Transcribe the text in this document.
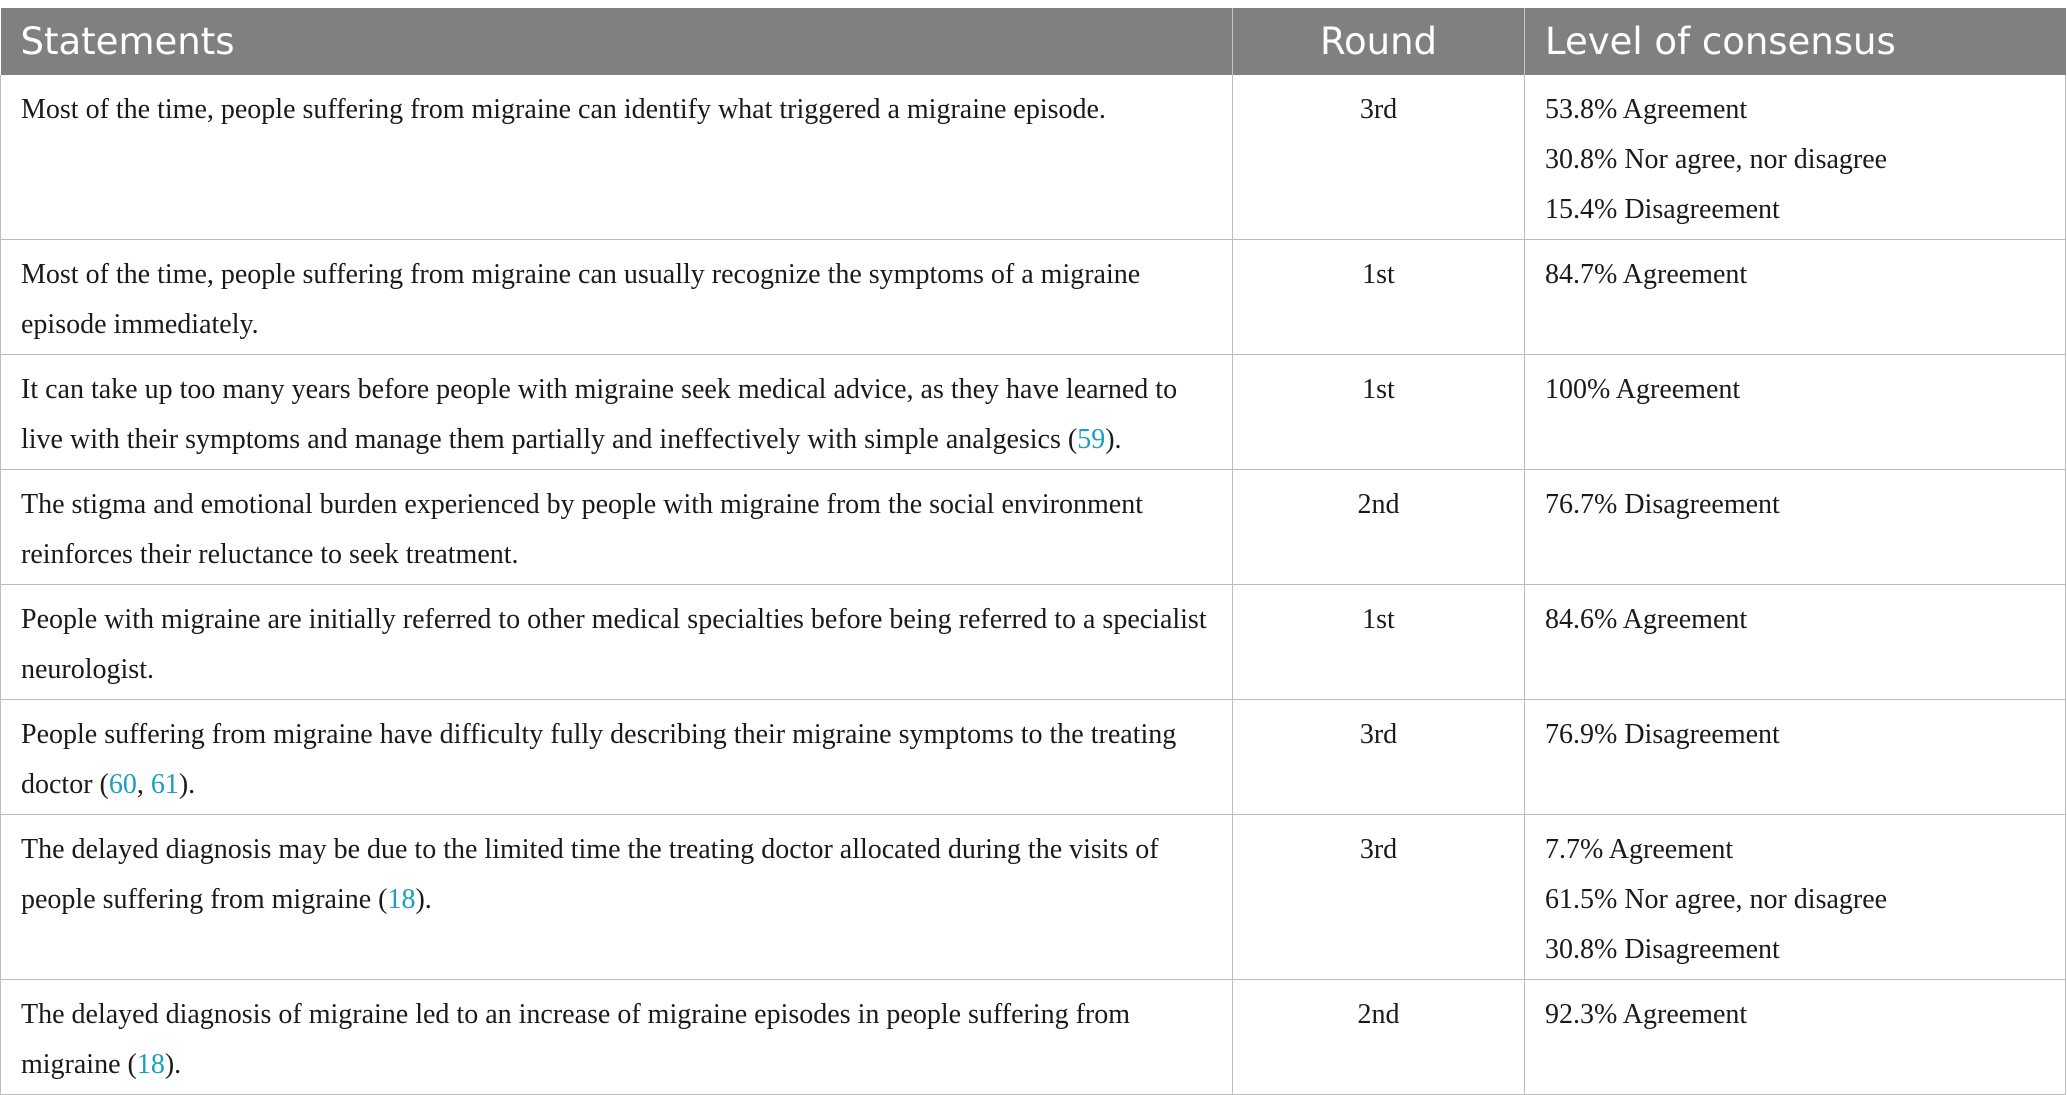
Statements	Round	Level of consensus
Most of the time, people suffering from migraine can identify what triggered a migraine episode.	3rd	53.8% Agreement
30.8% Nor agree, nor disagree
15.4% Disagreement

Most of the time, people suffering from migraine can usually recognize the symptoms of a migraine episode immediately.	1st	84.7% Agreement

It can take up too many years before people with migraine seek medical advice, as they have learned to live with their symptoms and manage them partially and ineffectively with simple analgesics (59).	1st	100% Agreement

The stigma and emotional burden experienced by people with migraine from the social environment reinforces their reluctance to seek treatment.	2nd	76.7% Disagreement

People with migraine are initially referred to other medical specialties before being referred to a specialist neurologist.	1st	84.6% Agreement

People suffering from migraine have difficulty fully describing their migraine symptoms to the treating doctor (60, 61).	3rd	76.9% Disagreement

The delayed diagnosis may be due to the limited time the treating doctor allocated during the visits of people suffering from migraine (18).	3rd	7.7% Agreement
61.5% Nor agree, nor disagree
30.8% Disagreement

The delayed diagnosis of migraine led to an increase of migraine episodes in people suffering from migraine (18).	2nd	92.3% Agreement
